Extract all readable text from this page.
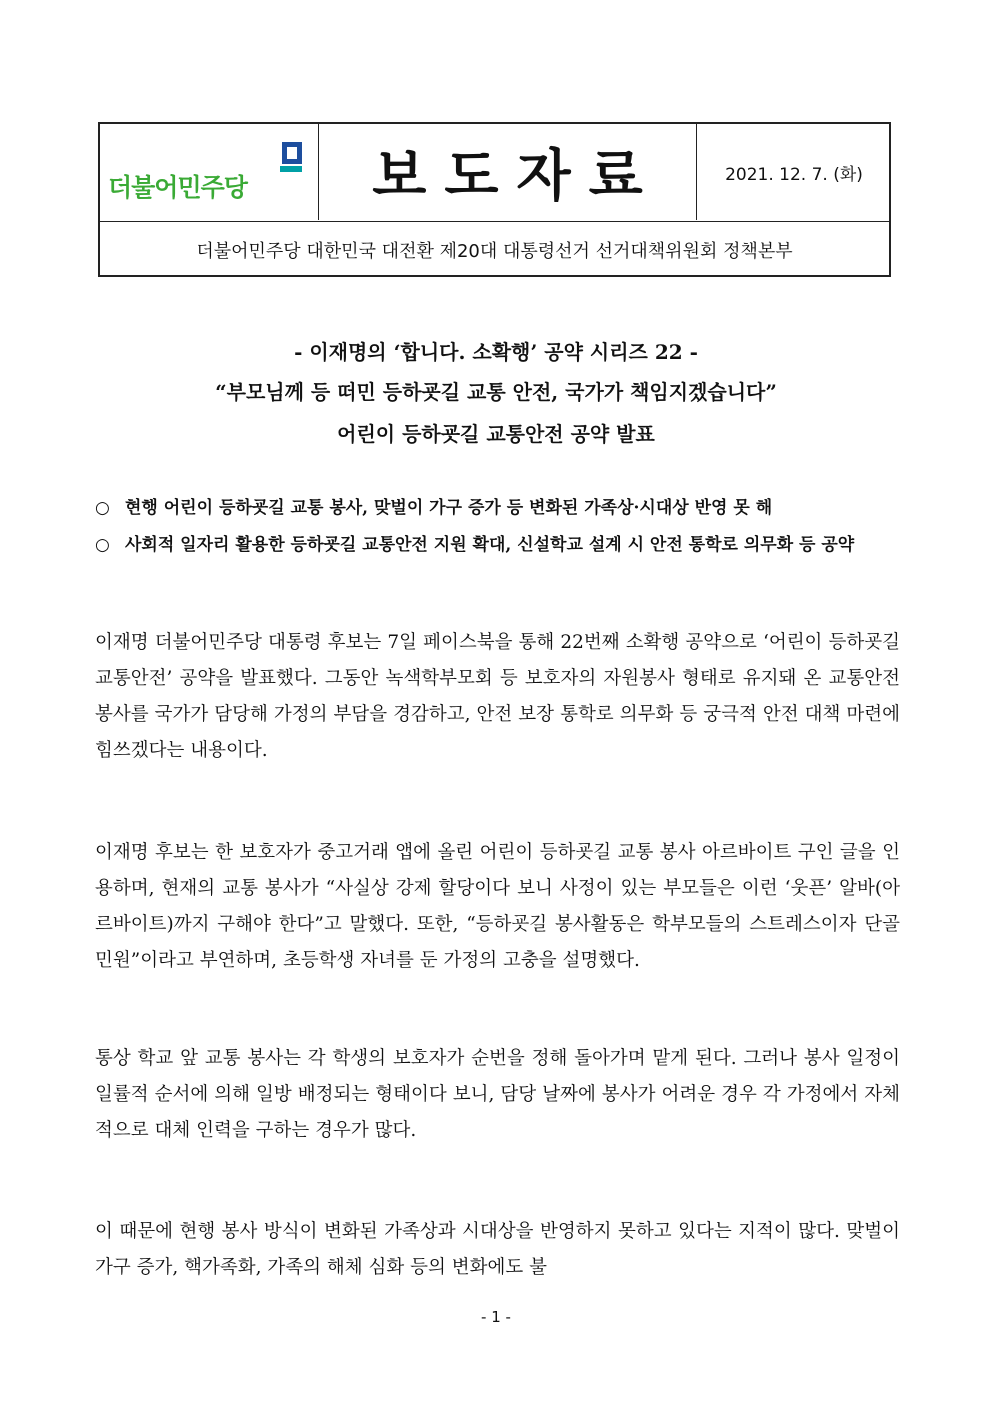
더불어민주당 보도자료	2021. 12. 7. (화)
더불어민주당 대한민국 대전환 제20대 대통령선거 선거대책위원회 정책본부
- 이재명의 ‘합니다. 소확행’ 공약 시리즈 22 -
“부모님께 등 떠민 등하굣길 교통 안전, 국가가 책임지겠습니다”
어린이 등하굣길 교통안전 공약 발표
○ 현행 어린이 등하굣길 교통 봉사, 맞벌이 가구 증가 등 변화된 가족상·시대상 반영 못 해
○ 사회적 일자리 활용한 등하굣길 교통안전 지원 확대, 신설학교 설계 시 안전 통학로 의무화 등 공약
이재명 더불어민주당 대통령 후보는 7일 페이스북을 통해 22번째 소확행 공약으로 ‘어린이 등하굣길 교통안전’ 공약을 발표했다. 그동안 녹색학부모회 등 보호자의 자원봉사 형태로 유지돼 온 교통안전 봉사를 국가가 담당해 가정의 부담을 경감하고, 안전 보장 통학로 의무화 등 궁극적 안전 대책 마련에 힘쓰겠다는 내용이다.
이재명 후보는 한 보호자가 중고거래 앱에 올린 어린이 등하굣길 교통 봉사 아르바이트 구인 글을 인용하며, 현재의 교통 봉사가 “사실상 강제 할당이다 보니 사정이 있는 부모들은 이런 ‘웃픈’ 알바(아르바이트)까지 구해야 한다”고 말했다. 또한, “등하굣길 봉사활동은 학부모들의 스트레스이자 단골 민원”이라고 부연하며, 초등학생 자녀를 둔 가정의 고충을 설명했다.
통상 학교 앞 교통 봉사는 각 학생의 보호자가 순번을 정해 돌아가며 맡게 된다. 그러나 봉사 일정이 일률적 순서에 의해 일방 배정되는 형태이다 보니, 담당 날짜에 봉사가 어려운 경우 각 가정에서 자체적으로 대체 인력을 구하는 경우가 많다.
이 때문에 현행 봉사 방식이 변화된 가족상과 시대상을 반영하지 못하고 있다는 지적이 많다. 맞벌이 가구 증가, 핵가족화, 가족의 해체 심화 등의 변화에도 불
- 1 -
